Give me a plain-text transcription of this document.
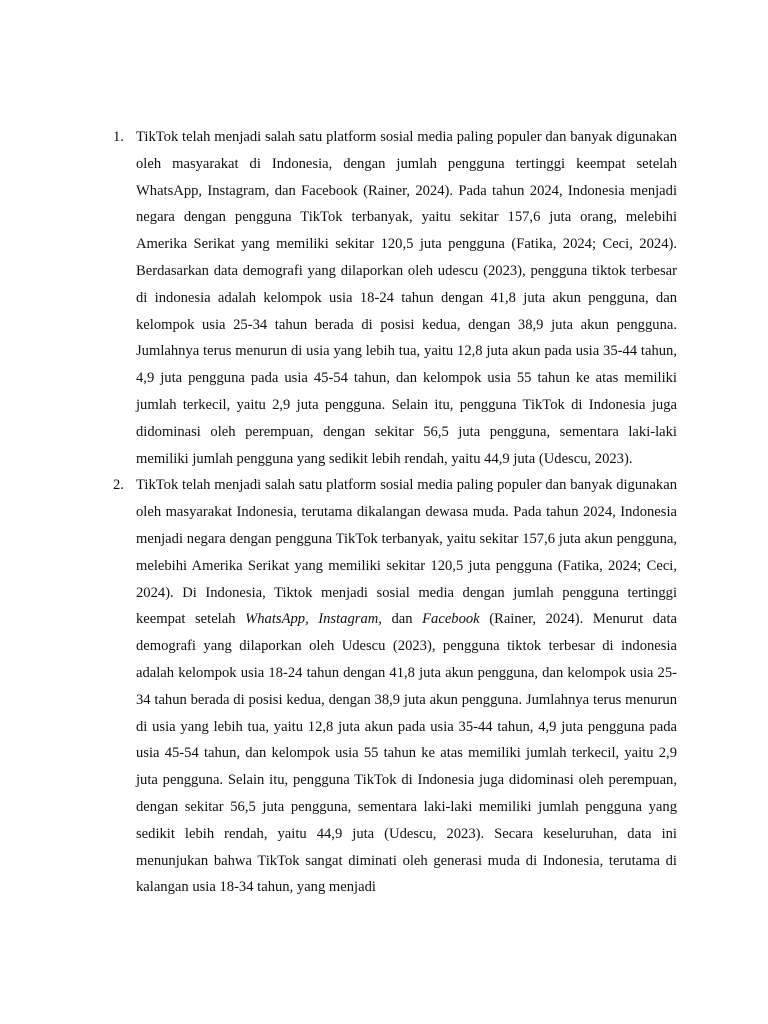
1. TikTok telah menjadi salah satu platform sosial media paling populer dan banyak digunakan oleh masyarakat di Indonesia, dengan jumlah pengguna tertinggi keempat setelah WhatsApp, Instagram, dan Facebook (Rainer, 2024). Pada tahun 2024, Indonesia menjadi negara dengan pengguna TikTok terbanyak, yaitu sekitar 157,6 juta orang, melebihi Amerika Serikat yang memiliki sekitar 120,5 juta pengguna (Fatika, 2024; Ceci, 2024). Berdasarkan data demografi yang dilaporkan oleh udescu (2023), pengguna tiktok terbesar di indonesia adalah kelompok usia 18-24 tahun dengan 41,8 juta akun pengguna, dan kelompok usia 25-34 tahun berada di posisi kedua, dengan 38,9 juta akun pengguna. Jumlahnya terus menurun di usia yang lebih tua, yaitu 12,8 juta akun pada usia 35-44 tahun, 4,9 juta pengguna pada usia 45-54 tahun, dan kelompok usia 55 tahun ke atas memiliki jumlah terkecil, yaitu 2,9 juta pengguna. Selain itu, pengguna TikTok di Indonesia juga didominasi oleh perempuan, dengan sekitar 56,5 juta pengguna, sementara laki-laki memiliki jumlah pengguna yang sedikit lebih rendah, yaitu 44,9 juta (Udescu, 2023).
2. TikTok telah menjadi salah satu platform sosial media paling populer dan banyak digunakan oleh masyarakat Indonesia, terutama dikalangan dewasa muda. Pada tahun 2024, Indonesia menjadi negara dengan pengguna TikTok terbanyak, yaitu sekitar 157,6 juta akun pengguna, melebihi Amerika Serikat yang memiliki sekitar 120,5 juta pengguna (Fatika, 2024; Ceci, 2024). Di Indonesia, Tiktok menjadi sosial media dengan jumlah pengguna tertinggi keempat setelah WhatsApp, Instagram, dan Facebook (Rainer, 2024). Menurut data demografi yang dilaporkan oleh Udescu (2023), pengguna tiktok terbesar di indonesia adalah kelompok usia 18-24 tahun dengan 41,8 juta akun pengguna, dan kelompok usia 25-34 tahun berada di posisi kedua, dengan 38,9 juta akun pengguna. Jumlahnya terus menurun di usia yang lebih tua, yaitu 12,8 juta akun pada usia 35-44 tahun, 4,9 juta pengguna pada usia 45-54 tahun, dan kelompok usia 55 tahun ke atas memiliki jumlah terkecil, yaitu 2,9 juta pengguna. Selain itu, pengguna TikTok di Indonesia juga didominasi oleh perempuan, dengan sekitar 56,5 juta pengguna, sementara laki-laki memiliki jumlah pengguna yang sedikit lebih rendah, yaitu 44,9 juta (Udescu, 2023). Secara keseluruhan, data ini menunjukan bahwa TikTok sangat diminati oleh generasi muda di Indonesia, terutama di kalangan usia 18-34 tahun, yang menjadi
